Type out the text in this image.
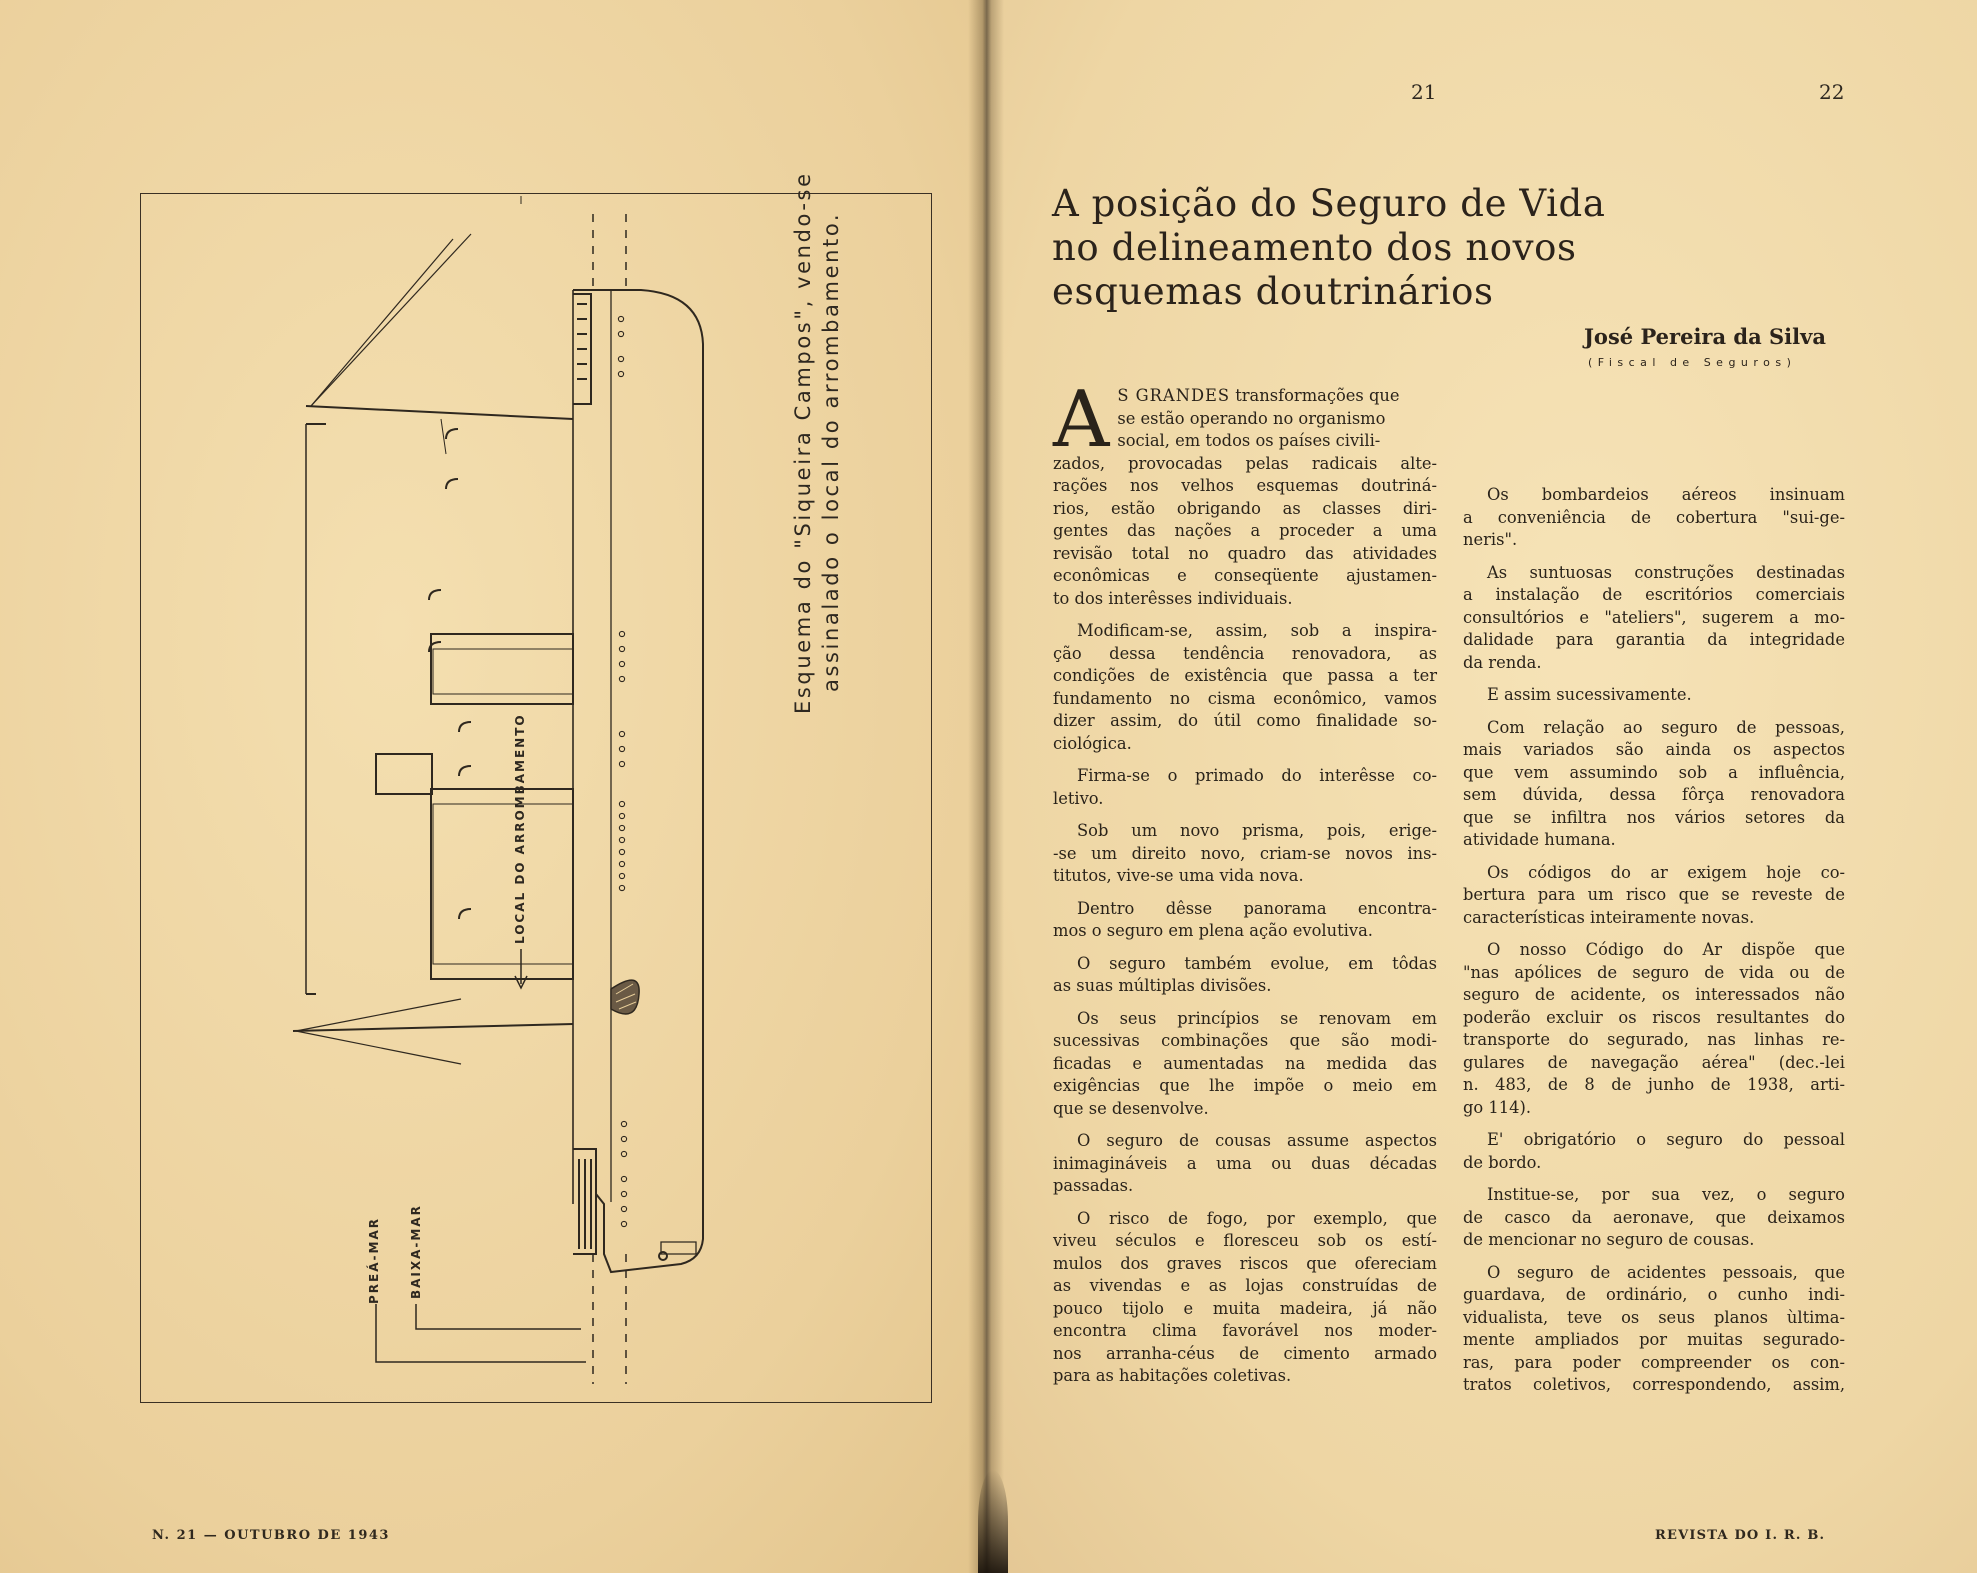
Esquema do "Siqueira Campos", vendo-se assinalado o local do arrombamento.
PREÁ-MAR BAIXA-MAR
LOCAL DO ARROMBAMENTO
N. 21 — OUTUBRO DE 1943
21	22
A posição do Seguro de Vida
no delineamento dos novos
esquemas doutrinários
José Pereira da Silva
(Fiscal de Seguros)

A S GRANDES transformações que
se estão operando no organismo
social, em todos os países civili-

zados, provocadas pelas radicais alte-
rações nos velhos esquemas doutriná-
rios, estão obrigando as classes diri-
gentes das nações a proceder a uma
revisão total no quadro das atividades
econômicas e conseqüente ajustamen-
to dos interêsses individuais.

Modificam-se, assim, sob a inspira-
ção dessa tendência renovadora, as
condições de existência que passa a ter
fundamento no cisma econômico, vamos
dizer assim, do útil como finalidade so-
ciológica.
Firma-se o primado do interêsse co-
letivo.
Sob um novo prisma, pois, erige-
-se um direito novo, criam-se novos ins-
titutos, vive-se uma vida nova.
Dentro dêsse panorama encontra-
mos o seguro em plena ação evolutiva.
O seguro também evolue, em tôdas
as suas múltiplas divisões.
Os seus princípios se renovam em
sucessivas combinações que são modi-
ficadas e aumentadas na medida das
exigências que lhe impõe o meio em
que se desenvolve.
O seguro de cousas assume aspectos
inimagináveis a uma ou duas décadas
passadas.
O risco de fogo, por exemplo, que
viveu séculos e floresceu sob os estí-
mulos dos graves riscos que ofereciam
as vivendas e as lojas construídas de
pouco tijolo e muita madeira, já não
encontra clima favorável nos moder-
nos arranha-céus de cimento armado
para as habitações coletivas.
Os bombardeios aéreos insinuam
a conveniência de cobertura "sui-ge-
neris".
As suntuosas construções destinadas
a instalação de escritórios comerciais
consultórios e "ateliers", sugerem a mo-
dalidade para garantia da integridade
da renda.
E assim sucessivamente.
Com relação ao seguro de pessoas,
mais variados são ainda os aspectos
que vem assumindo sob a influência,
sem dúvida, dessa fôrça renovadora
que se infiltra nos vários setores da
atividade humana.
Os códigos do ar exigem hoje co-
bertura para um risco que se reveste de
características inteiramente novas.
O nosso Código do Ar dispõe que
"nas apólices de seguro de vida ou de
seguro de acidente, os interessados não
poderão excluir os riscos resultantes do
transporte do segurado, nas linhas re-
gulares de navegação aérea" (dec.-lei
n. 483, de 8 de junho de 1938, arti-
go 114).
E' obrigatório o seguro do pessoal
de bordo.
Institue-se, por sua vez, o seguro
de casco da aeronave, que deixamos
de mencionar no seguro de cousas.
O seguro de acidentes pessoais, que
guardava, de ordinário, o cunho indi-
vidualista, teve os seus planos ùltima-
mente ampliados por muitas segurado-
ras, para poder compreender os con-
tratos coletivos, correspondendo, assim,
REVISTA DO I. R. B.
